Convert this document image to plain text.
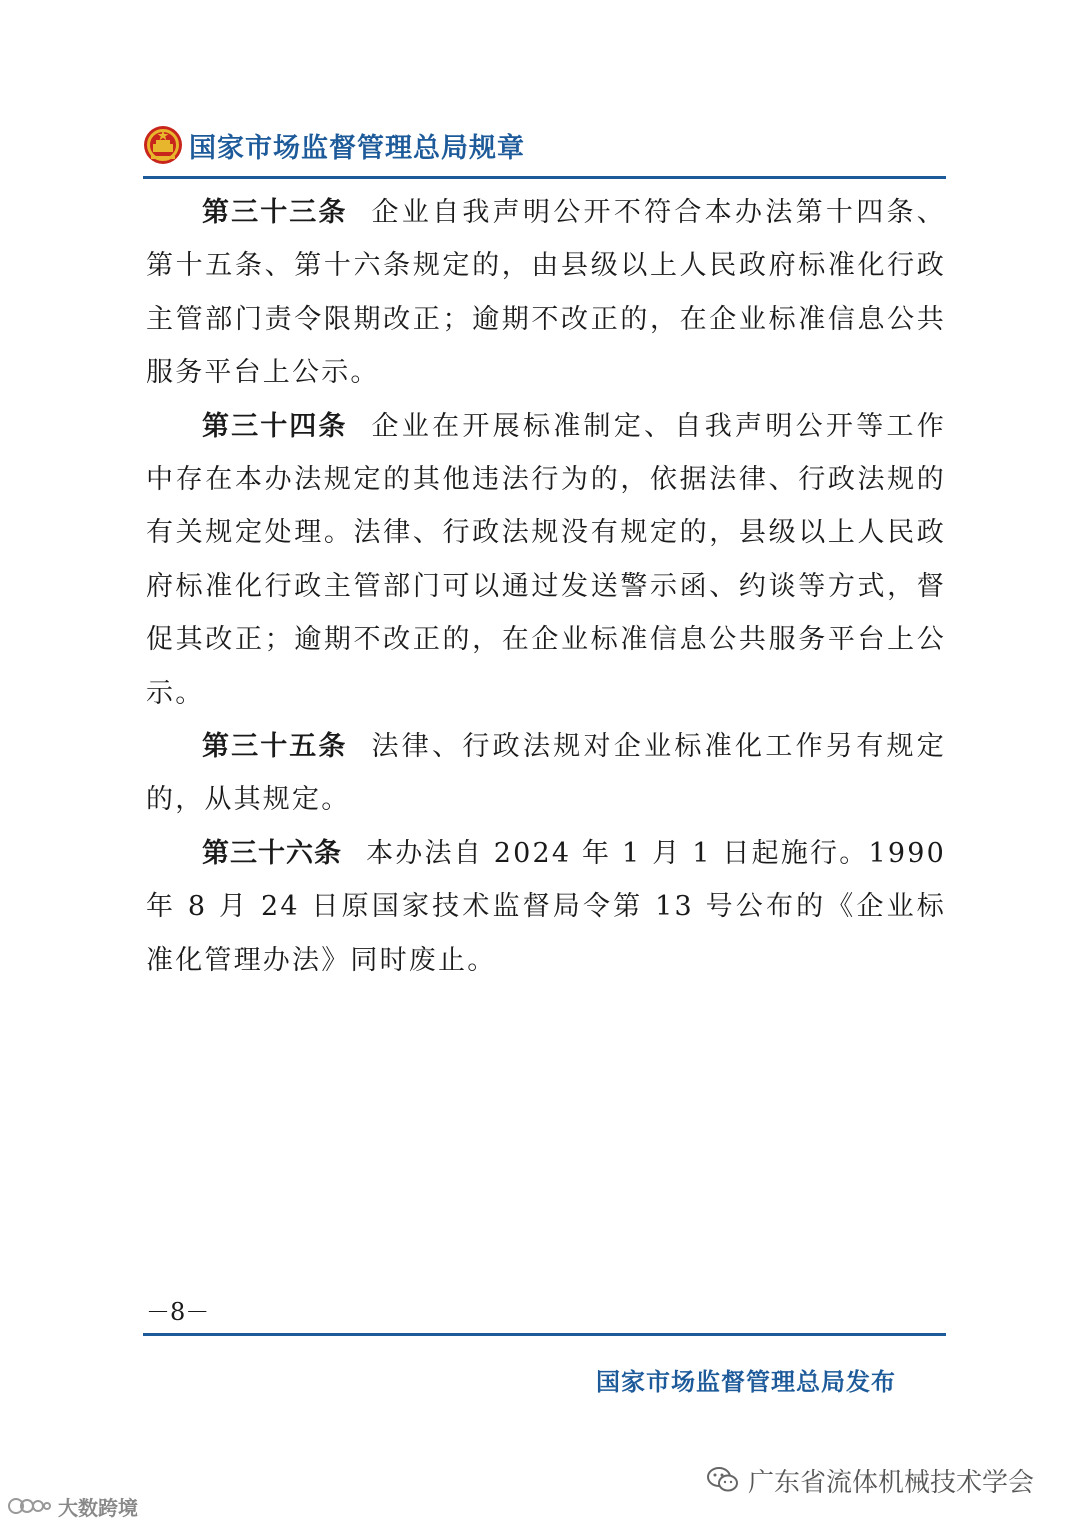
国家市场监督管理总局规章

第三十三条 企业自我声明公开不符合本办法第十四条、第十五条、第十六条规定的，由县级以上人民政府标准化行政主管部门责令限期改正；逾期不改正的，在企业标准信息公共服务平台上公示。

第三十四条 企业在开展标准制定、自我声明公开等工作中存在本办法规定的其他违法行为的，依据法律、行政法规的有关规定处理。法律、行政法规没有规定的，县级以上人民政府标准化行政主管部门可以通过发送警示函、约谈等方式，督促其改正；逾期不改正的，在企业标准信息公共服务平台上公示。

第三十五条 法律、行政法规对企业标准化工作另有规定的，从其规定。

第三十六条 本办法自 2024 年 1 月 1 日起施行。1990 年 8 月 24 日原国家技术监督局令第 13 号公布的《企业标准化管理办法》同时废止。

－8－
国家市场监督管理总局发布
广东省流体机械技术学会
大数跨境
